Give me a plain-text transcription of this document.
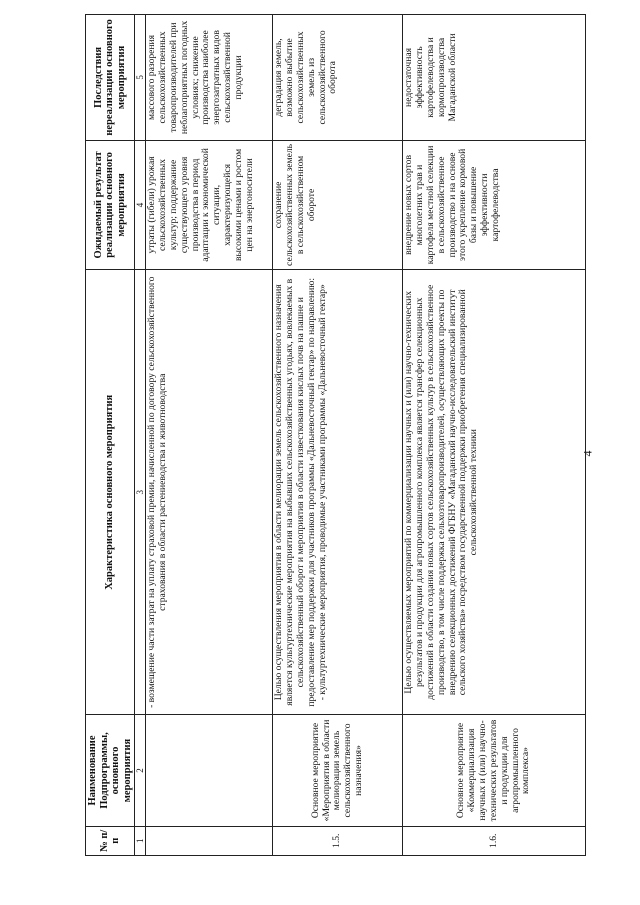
4
№ п/п	Наименование Подпрограммы, основного мероприятия	Характеристика основного мероприятия	Ожидаемый результат реализации основного мероприятия	Последствия нереализации основного мероприятия
1	2	3	4	5

		- возмещение части затрат на уплату страховой премии, начисленной по договору сельскохозяйственного страхования в области растениеводства и животноводства	утраты (гибели) урожая сельскохозяйственных культур; поддержание существующего уровня производства в период адаптации к экономической ситуации, характеризующейся высокими ценами и ростом цен на энергоносители	массового разорения сельскохозяйственных товаропроизводителей при неблагоприятных погодных условиях; снижение производства наиболее энергозатратных видов сельскохозяйственной продукции
1.5.	Основное мероприятие «Мероприятия в области мелиорации земель сельскохозяйственного назначения»	Целью осуществления мероприятия в области мелиорации земель сельскохозяйственного назначения является культуртехнические мероприятия на выбывших сельскохозяйственных угодьях, вовлекаемых в сельскохозяйственный оборот и мероприятия в области известкования кислых почв на пашне и предоставление мер поддержки для участников программы «Дальневосточный гектар» по направлению: - культуртехнические мероприятия, проводимые участниками программы «Дальневосточный гектар»	сохранение сельскохозяйственных земель в сельскохозяйственном обороте	деградация земель, возможно выбытие сельскохозяйственных земель из сельскохозяйственного оборота
1.6.	Основное мероприятие «Коммерциализация научных и (или) научно-технических результатов и продукции для агропромышленного комплекса»	Целью осуществляемых мероприятий по коммерциализации научных и (или) научно-технических результатов и продукции для агропромышленного комплекса является трансфер селекционных достижений в области создания новых сортов сельскохозяйственных культур в сельскохозяйственное производство, в том числе поддержка сельхозтоваропроизводителей, осуществляющих проекты по внедрению селекционных достижений ФГБНУ «Магаданский научно-исследовательский институт сельского хозяйства» посредством государственной поддержки приобретения специализированной сельскохозяйственной техники	внедрение новых сортов многолетних трав и картофеля местной селекции в сельскохозяйственное производство и на основе этого укрепление кормовой базы и повышение эффективности картофелеводства	недостаточная эффективность картофелеводства и кормопроизводства Магаданской области
